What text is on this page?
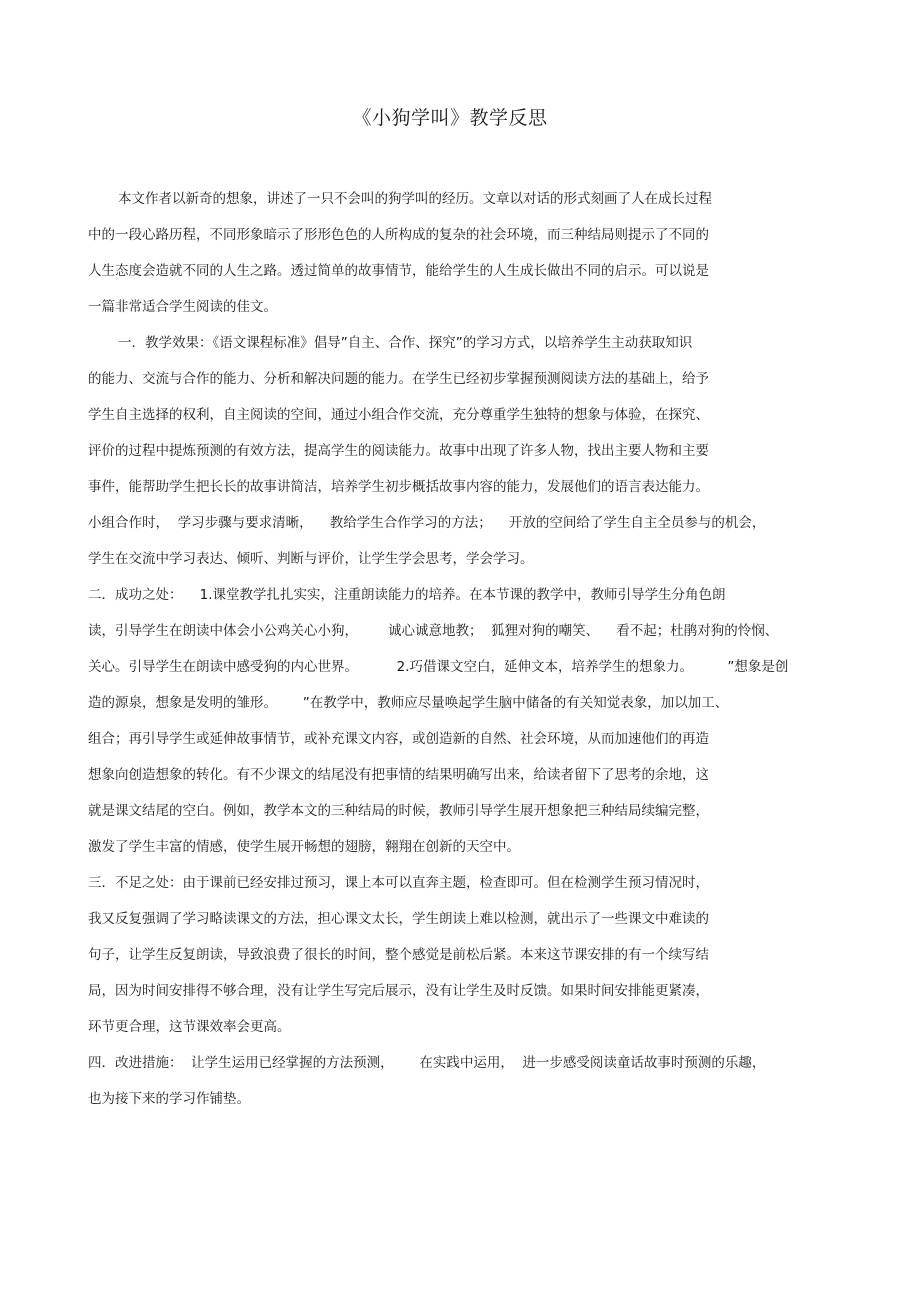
《小狗学叫》教学反思
本文作者以新奇的想象，讲述了一只不会叫的狗学叫的经历。文章以对话的形式刻画了人在成长过程
中的一段心路历程，不同形象暗示了形形色色的人所构成的复杂的社会环境，而三种结局则提示了不同的
人生态度会造就不同的人生之路。透过简单的故事情节，能给学生的人生成长做出不同的启示。可以说是
一篇非常适合学生阅读的佳文。
一．教学效果：《语文课程标准》倡导”自主、合作、探究”的学习方式，以培养学生主动获取知识
的能力、交流与合作的能力、分析和解决问题的能力。在学生已经初步掌握预测阅读方法的基础上，给予
学生自主选择的权利，自主阅读的空间，通过小组合作交流，充分尊重学生独特的想象与体验，在探究、
评价的过程中提炼预测的有效方法，提高学生的阅读能力。故事中出现了许多人物，找出主要人物和主要
事件，能帮助学生把长长的故事讲简洁，培养学生初步概括故事内容的能力，发展他们的语言表达能力。
小组合作时，  学习步骤与要求清晰，    教给学生合作学习的方法；    开放的空间给了学生自主全员参与的机会，
学生在交流中学习表达、倾听、判断与评价，让学生学会思考，学会学习。
二．成功之处：    1.课堂教学扎扎实实，注重朗读能力的培养。在本节课的教学中，教师引导学生分角色朗
读，引导学生在朗读中体会小公鸡关心小狗，       诚心诚意地教；  狐狸对狗的嘲笑、    看不起；杜鹃对狗的怜悯、
关心。引导学生在朗读中感受狗的内心世界。         2.巧借课文空白，延伸文本，培养学生的想象力。        ”想象是创
造的源泉，想象是发明的雏形。      ”在教学中，教师应尽量唤起学生脑中储备的有关知觉表象，加以加工、
组合；再引导学生或延伸故事情节，或补充课文内容，或创造新的自然、社会环境，从而加速他们的再造
想象向创造想象的转化。有不少课文的结尾没有把事情的结果明确写出来，给读者留下了思考的余地，这
就是课文结尾的空白。例如，教学本文的三种结局的时候，教师引导学生展开想象把三种结局续编完整，
激发了学生丰富的情感，使学生展开畅想的翅膀，翱翔在创新的天空中。
三．不足之处：由于课前已经安排过预习，课上本可以直奔主题，检查即可。但在检测学生预习情况时，
我又反复强调了学习略读课文的方法，担心课文太长，学生朗读上难以检测，就出示了一些课文中难读的
句子，让学生反复朗读，导致浪费了很长的时间，整个感觉是前松后紧。本来这节课安排的有一个续写结
局，因为时间安排得不够合理，没有让学生写完后展示，没有让学生及时反馈。如果时间安排能更紧凑，
环节更合理，这节课效率会更高。
四．改进措施：  让学生运用已经掌握的方法预测，      在实践中运用，  进一步感受阅读童话故事时预测的乐趣，
也为接下来的学习作铺垫。
